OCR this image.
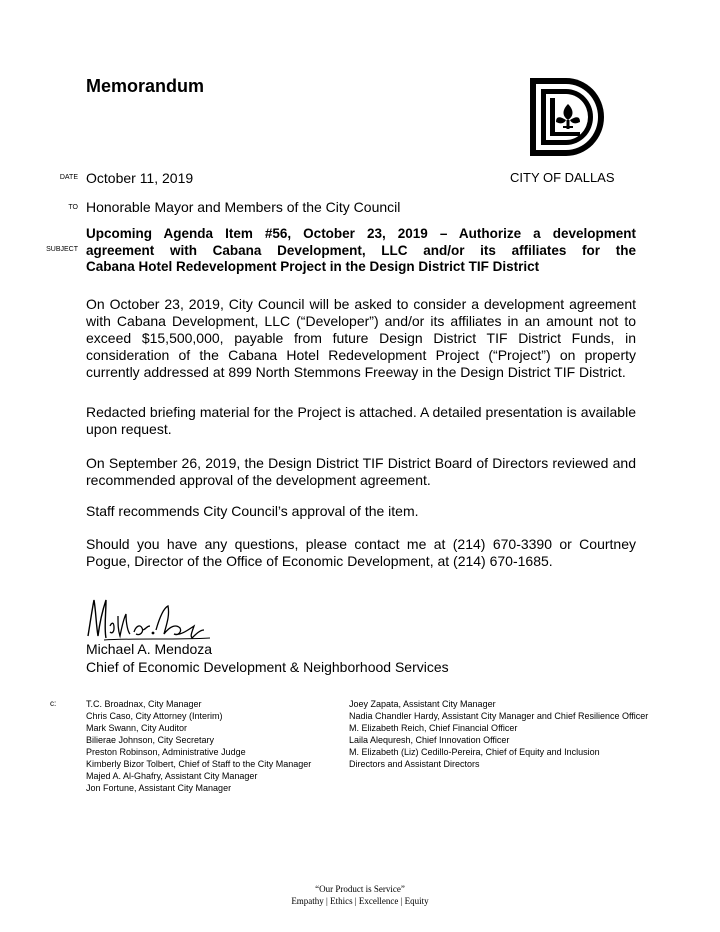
Memorandum
CITY OF DALLAS
DATE October 11, 2019
TO Honorable Mayor and Members of the City Council
SUBJECT
Upcoming Agenda Item #56, October 23, 2019 – Authorize a development
agreement with Cabana Development, LLC and/or its affiliates for the
Cabana Hotel Redevelopment Project in the Design District TIF District
On October 23, 2019, City Council will be asked to consider a development agreement with Cabana Development, LLC (“Developer”) and/or its affiliates in an amount not to exceed $15,500,000, payable from future Design District TIF District Funds, in consideration of the Cabana Hotel Redevelopment Project (“Project”) on property currently addressed at 899 North Stemmons Freeway in the Design District TIF District.
Redacted briefing material for the Project is attached. A detailed presentation is available upon request.
On September 26, 2019, the Design District TIF District Board of Directors reviewed and recommended approval of the development agreement.
Staff recommends City Council’s approval of the item.
Should you have any questions, please contact me at (214) 670-3390 or Courtney Pogue, Director of the Office of Economic Development, at (214) 670-1685.
Michael A. Mendoza
Chief of Economic Development & Neighborhood Services
c:	T.C. Broadnax, City Manager
Chris Caso, City Attorney (Interim)
Mark Swann, City Auditor
Bilierae Johnson, City Secretary
Preston Robinson, Administrative Judge
Kimberly Bizor Tolbert, Chief of Staff to the City Manager
Majed A. Al-Ghafry, Assistant City Manager
Jon Fortune, Assistant City Manager
Joey Zapata, Assistant City Manager
Nadia Chandler Hardy, Assistant City Manager and Chief Resilience Officer
M. Elizabeth Reich, Chief Financial Officer
Laila Alequresh, Chief Innovation Officer
M. Elizabeth (Liz) Cedillo-Pereira, Chief of Equity and Inclusion
Directors and Assistant Directors
“Our Product is Service”
Empathy | Ethics | Excellence | Equity
